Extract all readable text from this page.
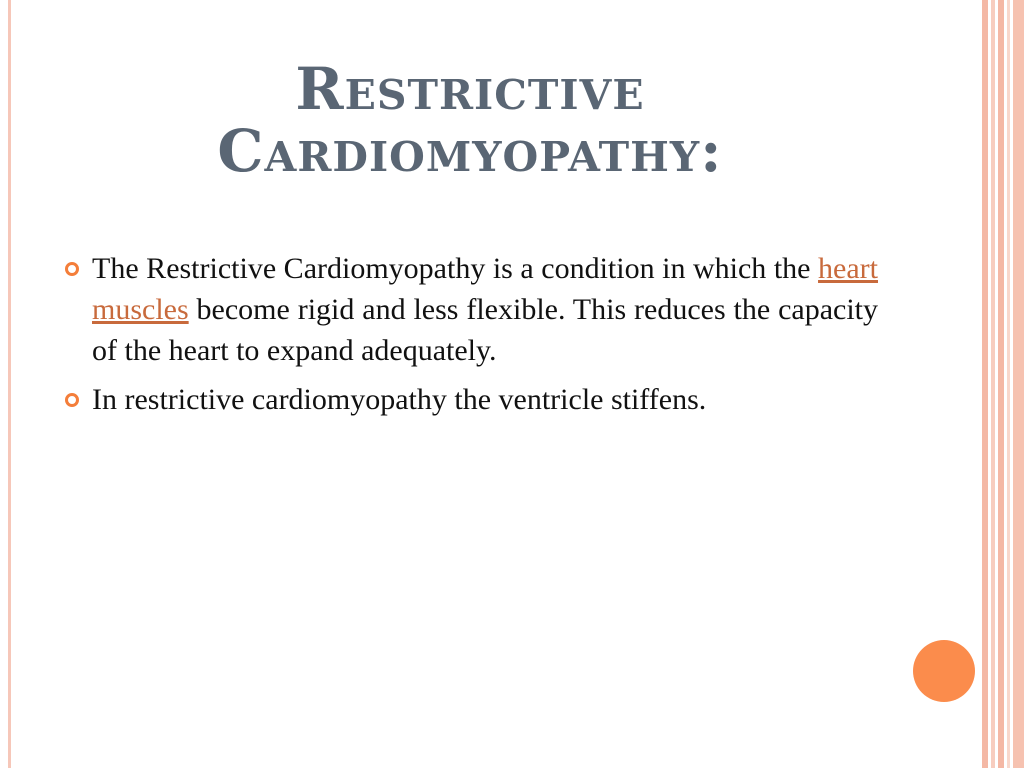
Restrictive
Cardiomyopathy:
The Restrictive Cardiomyopathy is a condition in which the heart muscles become rigid and less flexible. This reduces the capacity of the heart to expand adequately.
In restrictive cardiomyopathy the ventricle stiffens.
